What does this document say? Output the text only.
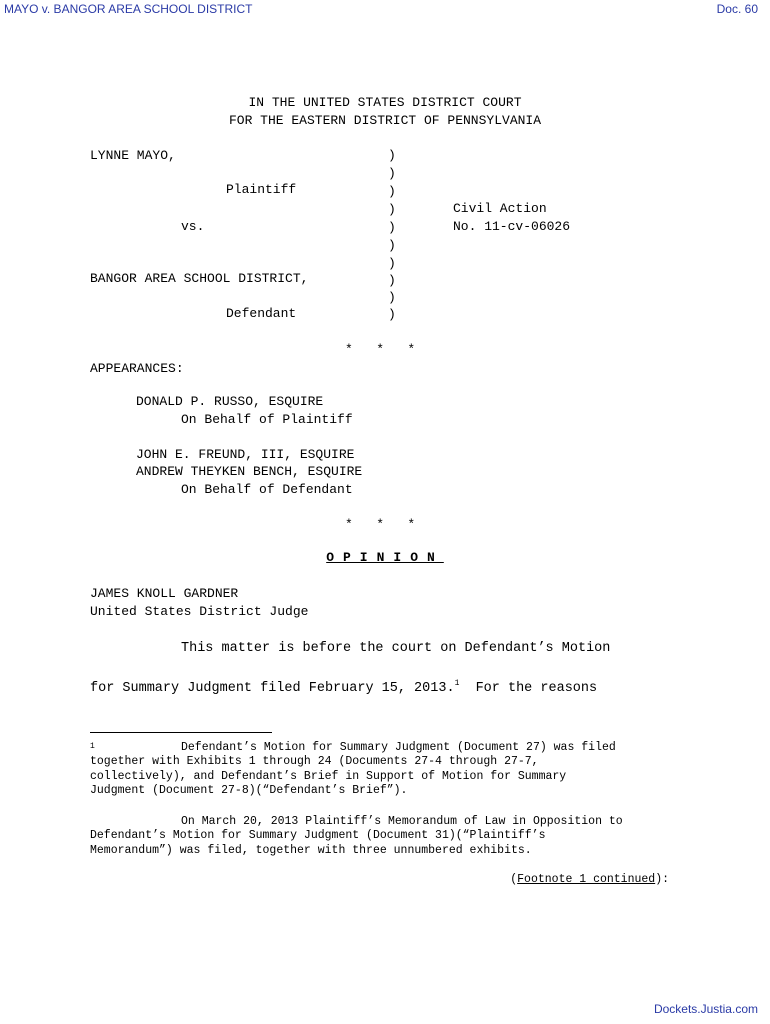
MAYO v. BANGOR AREA SCHOOL DISTRICT	Doc. 60
IN THE UNITED STATES DISTRICT COURT
FOR THE EASTERN DISTRICT OF PENNSYLVANIA
LYNNE MAYO,
Plaintiff
vs.
BANGOR AREA SCHOOL DISTRICT,
Defendant
)
)
)
)
)
)
)
)
)
)
Civil Action
No. 11-cv-06026
*   *   *
APPEARANCES:
DONALD P. RUSSO, ESQUIRE
On Behalf of Plaintiff
JOHN E. FREUND, III, ESQUIRE
ANDREW THEYKEN BENCH, ESQUIRE
On Behalf of Defendant
*   *   *
OPINION
JAMES KNOLL GARDNER
United States District Judge
This matter is before the court on Defendant’s Motion
for Summary Judgment filed February 15, 2013.$^1$  For the reasons
1	Defendant’s Motion for Summary Judgment (Document 27) was filed
together with Exhibits 1 through 24 (Documents 27-4 through 27-7,
collectively), and Defendant’s Brief in Support of Motion for Summary
Judgment (Document 27-8)(“Defendant’s Brief”).
On March 20, 2013 Plaintiff’s Memorandum of Law in Opposition to
Defendant’s Motion for Summary Judgment (Document 31)(“Plaintiff’s
Memorandum”) was filed, together with three unnumbered exhibits.
(Footnote 1 continued):
Dockets.Justia.com
